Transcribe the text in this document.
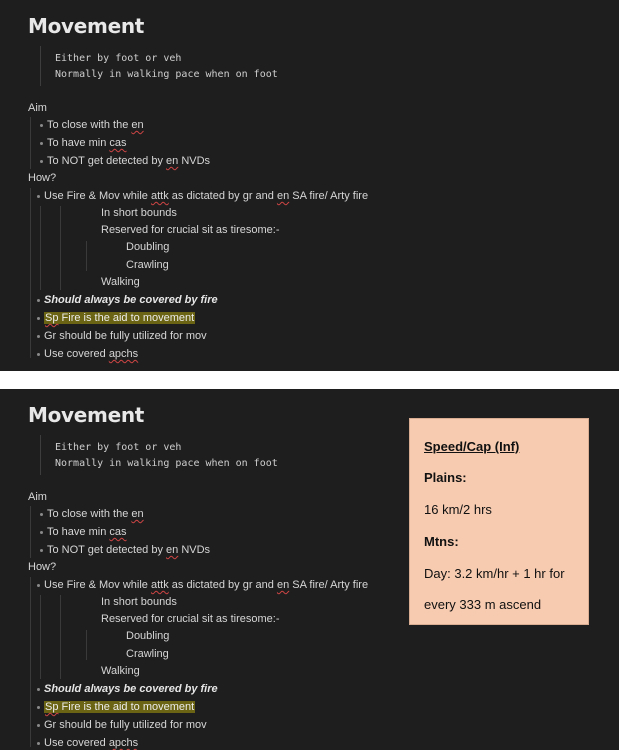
Movement
Either by foot or veh
Normally in walking pace when on foot
Aim
To close with the en
To have min cas
To NOT get detected by en NVDs
How?
Use Fire & Mov while attk as dictated by gr and en SA fire/ Arty fire
In short bounds
Reserved for crucial sit as tiresome:-
Doubling
Crawling
Walking
Should always be covered by fire
Sp Fire is the aid to movement
Gr should be fully utilized for mov
Use covered apchs
Movement
Either by foot or veh
Normally in walking pace when on foot
Aim
To close with the en
To have min cas
To NOT get detected by en NVDs
How?
Use Fire & Mov while attk as dictated by gr and en SA fire/ Arty fire
In short bounds
Reserved for crucial sit as tiresome:-
Doubling
Crawling
Walking
Should always be covered by fire
Sp Fire is the aid to movement
Gr should be fully utilized for mov
Use covered apchs
Speed/Cap (Inf)
Plains:
16 km/2 hrs
Mtns:
Day: 3.2 km/hr + 1 hr for
every 333 m ascend
